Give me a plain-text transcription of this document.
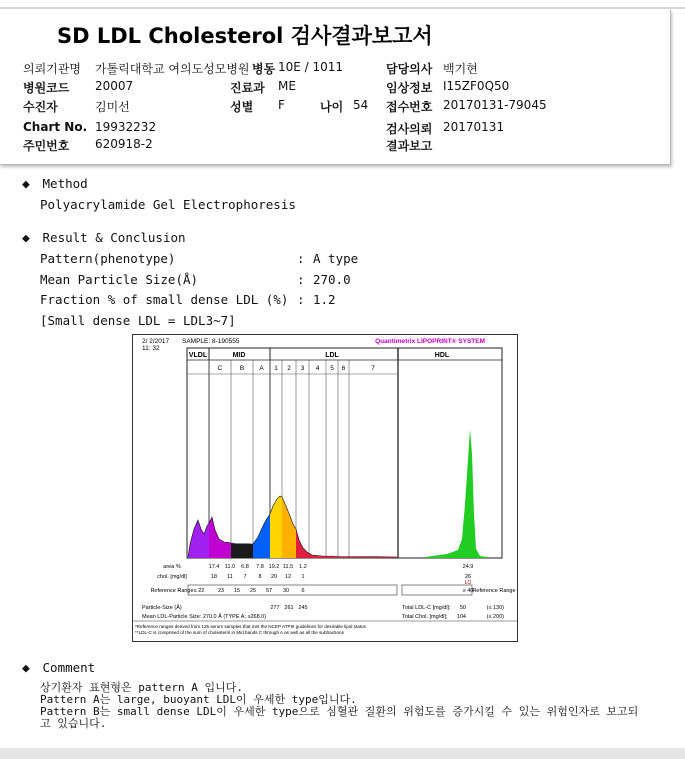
SD LDL Cholesterol 검사결과보고서
의뢰기관명 가톨릭대학교 여의도성모병원 병동 10E / 1011	담당의사 백기현
병원코드 20007	진료과 ME	임상정보 I15ZF0Q50
수진자	김미선	성별 F	나이 54 접수번호 20170131-79045
Chart No. 19932232	검사의뢰 20170131
주민번호 620918-2	결과보고
◆ Method
Polyacrylamide Gel Electrophoresis
◆ Result & Conclusion
Pattern(phenotype)	: A type
Mean Particle Size(Å)	: 270.0
Fraction % of small dense LDL (%) : 1.2
[Small dense LDL = LDL3~7]
2/ 2/2017
11: 32
SAMPLE: 8-190555	Quantimetrix LIPOPRINT® SYSTEM
VLDL	MID	LDL	HDL
C	B A 1 2 3 4 5 6	7
area %	17.4 11.0 6.8 7.8 19.2 11.5 1.2	24.9
chol. [mg/dl]	18 11 7 8 20 12 1	26
LO
Reference Range ≤ 22 23 15 25 57 30 6	≥ 40 Reference Range
Particle-Size (Å)	277 261 245
Mean LDL-Particle Size: 270.0 Å (TYPE A; ≥268.0)
Total LDL-C [mg/dl]: 50	(≤ 130)
Total Chol. [mg/dl]: 104	(≤ 200)
*Reference ranges derived from 125 serum samples that met the NCEP ATPIII guidelines for desirable lipid status
**LDL-C is comprised of the sum of cholesterol in Mid bands C through A as well as all the subfractions
◆ Comment
상기환자 표현형은 pattern A 입니다.
Pattern A는 large, buoyant LDL이 우세한 type입니다.
Pattern B는 small dense LDL이 우세한 type으로 심혈관 질환의 위험도를 증가시킬 수 있는 위험인자로 보고되
고 있습니다.
